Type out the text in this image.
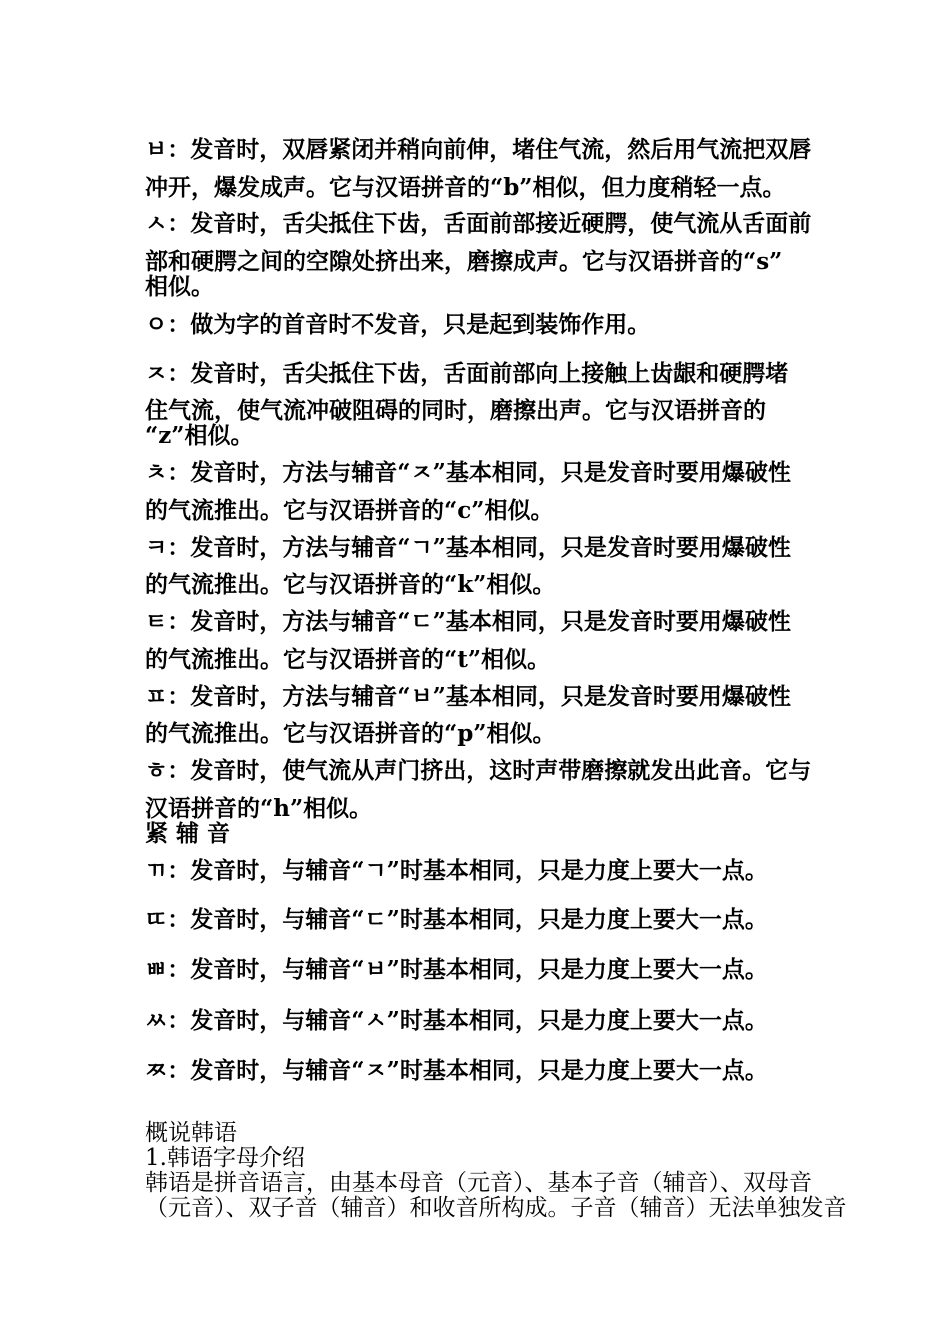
ㅂ：发音时，双唇紧闭并稍向前伸，堵住气流，然后用气流把双唇
冲开，爆发成声。它与汉语拼音的“b”相似，但力度稍轻一点。
ㅅ：发音时，舌尖抵住下齿，舌面前部接近硬腭，使气流从舌面前
部和硬腭之间的空隙处挤出来，磨擦成声。它与汉语拼音的“s”
相似。
ㅇ：做为字的首音时不发音，只是起到装饰作用。
ㅈ：发音时，舌尖抵住下齿，舌面前部向上接触上齿龈和硬腭堵
住气流，使气流冲破阻碍的同时，磨擦出声。它与汉语拼音的
“z”相似。
ㅊ：发音时，方法与辅音“ㅈ”基本相同，只是发音时要用爆破性
的气流推出。它与汉语拼音的“c”相似。
ㅋ：发音时，方法与辅音“ㄱ”基本相同，只是发音时要用爆破性
的气流推出。它与汉语拼音的“k”相似。
ㅌ：发音时，方法与辅音“ㄷ”基本相同，只是发音时要用爆破性
的气流推出。它与汉语拼音的“t”相似。
ㅍ：发音时，方法与辅音“ㅂ”基本相同，只是发音时要用爆破性
的气流推出。它与汉语拼音的“p”相似。
ㅎ：发音时，使气流从声门挤出，这时声带磨擦就发出此音。它与
汉语拼音的“h”相似。
紧 辅 音
ㄲ：发音时，与辅音“ㄱ”时基本相同，只是力度上要大一点。
ㄸ：发音时，与辅音“ㄷ”时基本相同，只是力度上要大一点。
ㅃ：发音时，与辅音“ㅂ”时基本相同，只是力度上要大一点。
ㅆ：发音时，与辅音“ㅅ”时基本相同，只是力度上要大一点。
ㅉ：发音时，与辅音“ㅈ”时基本相同，只是力度上要大一点。
概说韩语
1.韩语字母介绍
韩语是拼音语言，由基本母音（元音）、基本子音（辅音）、双母音
（元音）、双子音（辅音）和收音所构成。子音（辅音）无法单独发音
